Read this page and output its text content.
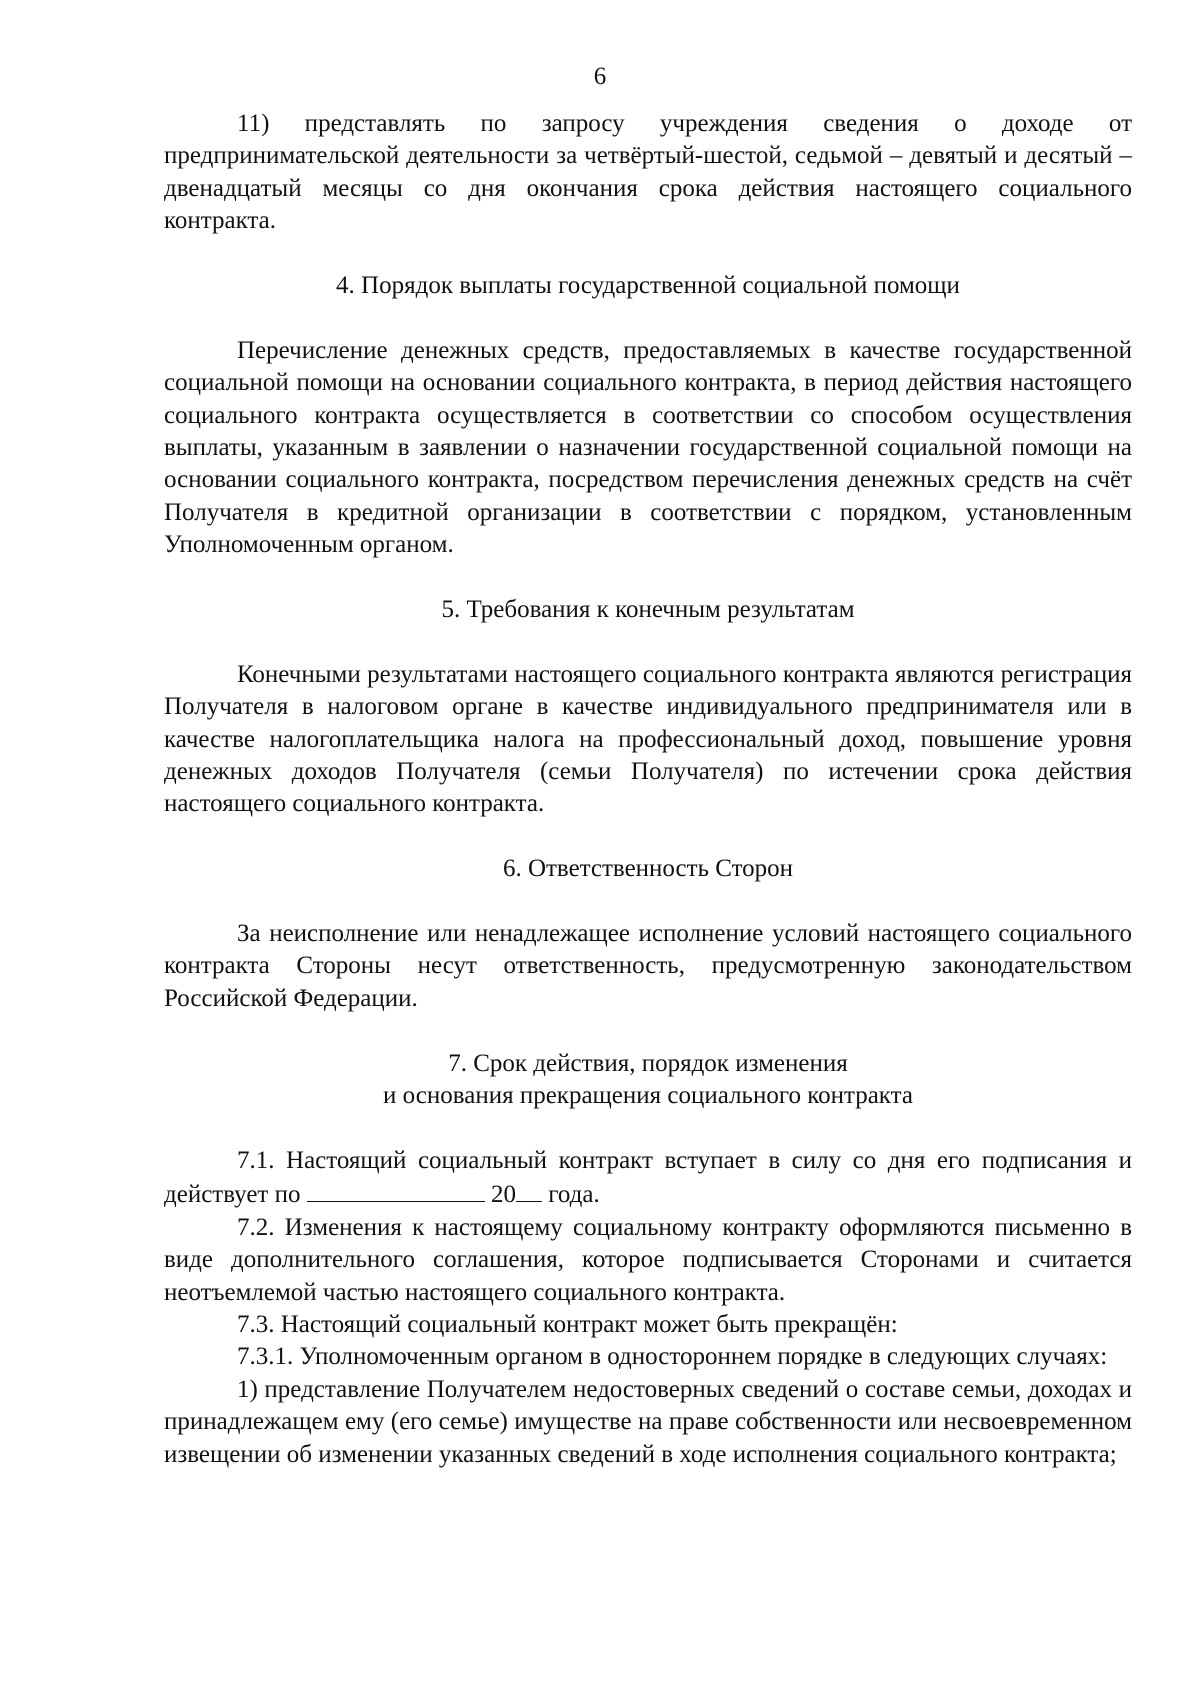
6

11) представлять по запросу учреждения сведения о доходе от предпринимательской деятельности за четвёртый-шестой, седьмой – девятый и десятый – двенадцатый месяцы со дня окончания срока действия настоящего социального контракта.

4. Порядок выплаты государственной социальной помощи

Перечисление денежных средств, предоставляемых в качестве государственной социальной помощи на основании социального контракта, в период действия настоящего социального контракта осуществляется в соответствии со способом осуществления выплаты, указанным в заявлении о назначении государственной социальной помощи на основании социального контракта, посредством перечисления денежных средств на счёт Получателя в кредитной организации в соответствии с порядком, установленным Уполномоченным органом.

5. Требования к конечным результатам

Конечными результатами настоящего социального контракта являются регистрация Получателя в налоговом органе в качестве индивидуального предпринимателя или в качестве налогоплательщика налога на профессиональный доход, повышение уровня денежных доходов Получателя (семьи Получателя) по истечении срока действия настоящего социального контракта.

6. Ответственность Сторон

За неисполнение или ненадлежащее исполнение условий настоящего социального контракта Стороны несут ответственность, предусмотренную законодательством Российской Федерации.

7. Срок действия, порядок изменения
и основания прекращения социального контракта

7.1. Настоящий социальный контракт вступает в силу со дня его подписания и действует по	20 года.

7.2. Изменения к настоящему социальному контракту оформляются письменно в виде дополнительного соглашения, которое подписывается Сторонами и считается неотъемлемой частью настоящего социального контракта.

7.3. Настоящий социальный контракт может быть прекращён:

7.3.1. Уполномоченным органом в одностороннем порядке в следующих случаях:

1) представление Получателем недостоверных сведений о составе семьи, доходах и принадлежащем ему (его семье) имуществе на праве собственности или несвоевременном извещении об изменении указанных сведений в ходе исполнения социального контракта;
